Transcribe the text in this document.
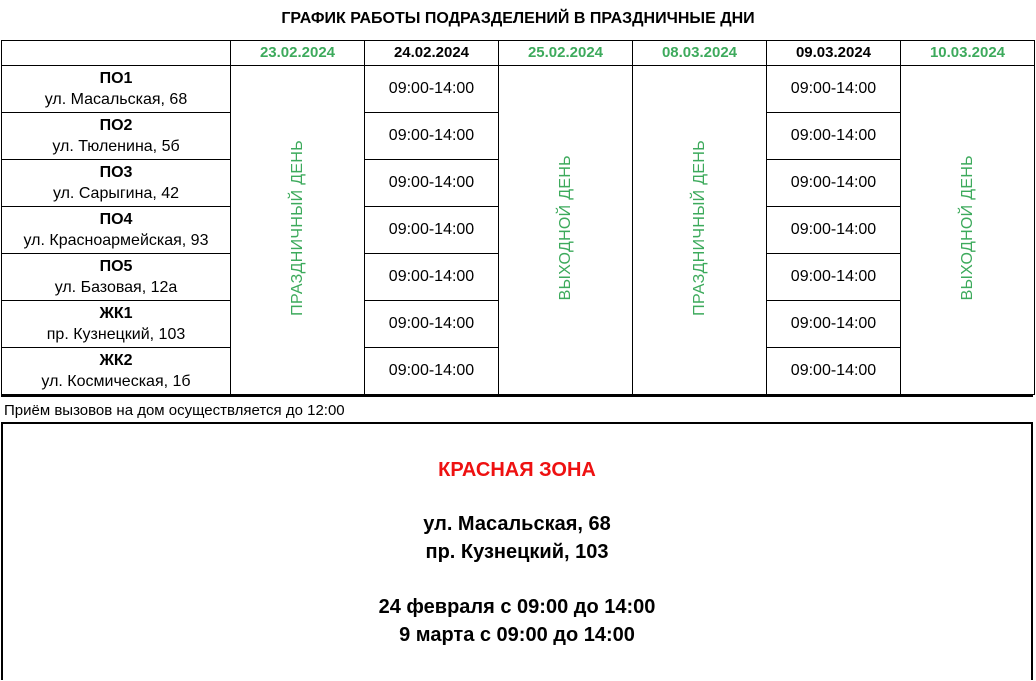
ГРАФИК РАБОТЫ ПОДРАЗДЕЛЕНИЙ В ПРАЗДНИЧНЫЕ ДНИ
	23.02.2024	24.02.2024	25.02.2024	08.03.2024	09.03.2024	10.03.2024

ПО1
ул. Масальская, 68	ПРАЗДНИЧНЫЙ ДЕНЬ	09:00-14:00	ВЫХОДНОЙ ДЕНЬ	ПРАЗДНИЧНЫЙ ДЕНЬ	09:00-14:00	ВЫХОДНОЙ ДЕНЬ

ПО2
ул. Тюленина, 5б		09:00-14:00			09:00-14:00	

ПО3
ул. Сарыгина, 42		09:00-14:00			09:00-14:00	

ПО4
ул. Красноармейская, 93		09:00-14:00			09:00-14:00	

ПО5
ул. Базовая, 12а		09:00-14:00			09:00-14:00	

ЖК1
пр. Кузнецкий, 103		09:00-14:00			09:00-14:00	

ЖК2
ул. Космическая, 1б		09:00-14:00			09:00-14:00	
Приём вызовов на дом осуществляется до 12:00
КРАСНАЯ ЗОНА
ул. Масальская, 68
пр. Кузнецкий, 103
24 февраля с 09:00 до 14:00
9 марта с 09:00 до 14:00
